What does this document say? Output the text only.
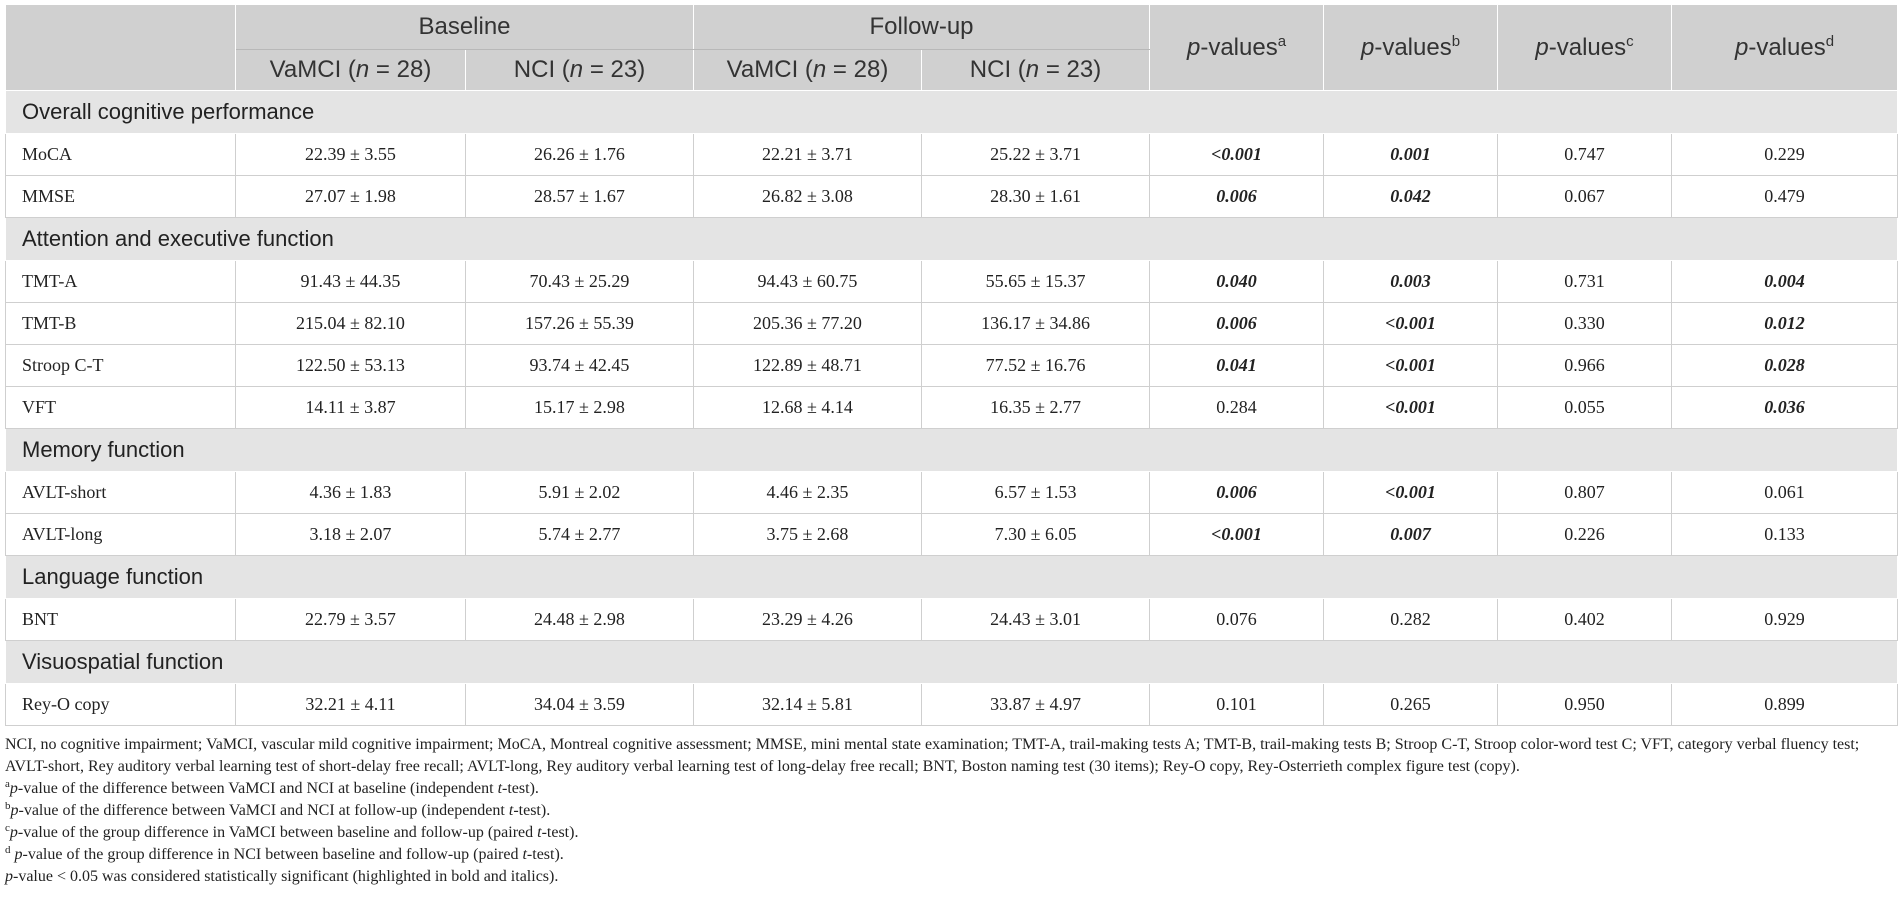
	Baseline		Follow-up		p-values$^a$	p-values$^b$	p-values$^c$	p-values$^d$
	VaMCI (n = 28)	NCI (n = 23)	VaMCI (n = 28)	NCI (n = 23)				
Overall cognitive performance								
MoCA	22.39 ± 3.55	26.26 ± 1.76	22.21 ± 3.71	25.22 ± 3.71	<0.001	0.001	0.747	0.229
MMSE	27.07 ± 1.98	28.57 ± 1.67	26.82 ± 3.08	28.30 ± 1.61	0.006	0.042	0.067	0.479
Attention and executive function								
TMT-A	91.43 ± 44.35	70.43 ± 25.29	94.43 ± 60.75	55.65 ± 15.37	0.040	0.003	0.731	0.004
TMT-B	215.04 ± 82.10	157.26 ± 55.39	205.36 ± 77.20	136.17 ± 34.86	0.006	<0.001	0.330	0.012
Stroop C-T	122.50 ± 53.13	93.74 ± 42.45	122.89 ± 48.71	77.52 ± 16.76	0.041	<0.001	0.966	0.028
VFT	14.11 ± 3.87	15.17 ± 2.98	12.68 ± 4.14	16.35 ± 2.77	0.284	<0.001	0.055	0.036
Memory function								
AVLT-short	4.36 ± 1.83	5.91 ± 2.02	4.46 ± 2.35	6.57 ± 1.53	0.006	<0.001	0.807	0.061
AVLT-long	3.18 ± 2.07	5.74 ± 2.77	3.75 ± 2.68	7.30 ± 6.05	<0.001	0.007	0.226	0.133
Language function								
BNT	22.79 ± 3.57	24.48 ± 2.98	23.29 ± 4.26	24.43 ± 3.01	0.076	0.282	0.402	0.929
Visuospatial function								
Rey-O copy	32.21 ± 4.11	34.04 ± 3.59	32.14 ± 5.81	33.87 ± 4.97	0.101	0.265	0.950	0.899

NCI, no cognitive impairment; VaMCI, vascular mild cognitive impairment; MoCA, Montreal cognitive assessment; MMSE, mini mental state examination; TMT-A, trail-making tests A; TMT-B, trail-making tests B; Stroop C-T, Stroop color-word test C; VFT, category verbal fluency test; AVLT-short, Rey auditory verbal learning test of short-delay free recall; AVLT-long, Rey auditory verbal learning test of long-delay free recall; BNT, Boston naming test (30 items); Rey-O copy, Rey-Osterrieth complex figure test (copy).

$^a$p-value of the difference between VaMCI and NCI at baseline (independent t-test).

$^b$p-value of the difference between VaMCI and NCI at follow-up (independent t-test).

$^c$p-value of the group difference in VaMCI between baseline and follow-up (paired t-test).

$^d$ p-value of the group difference in NCI between baseline and follow-up (paired t-test).

p-value < 0.05 was considered statistically significant (highlighted in bold and italics).
